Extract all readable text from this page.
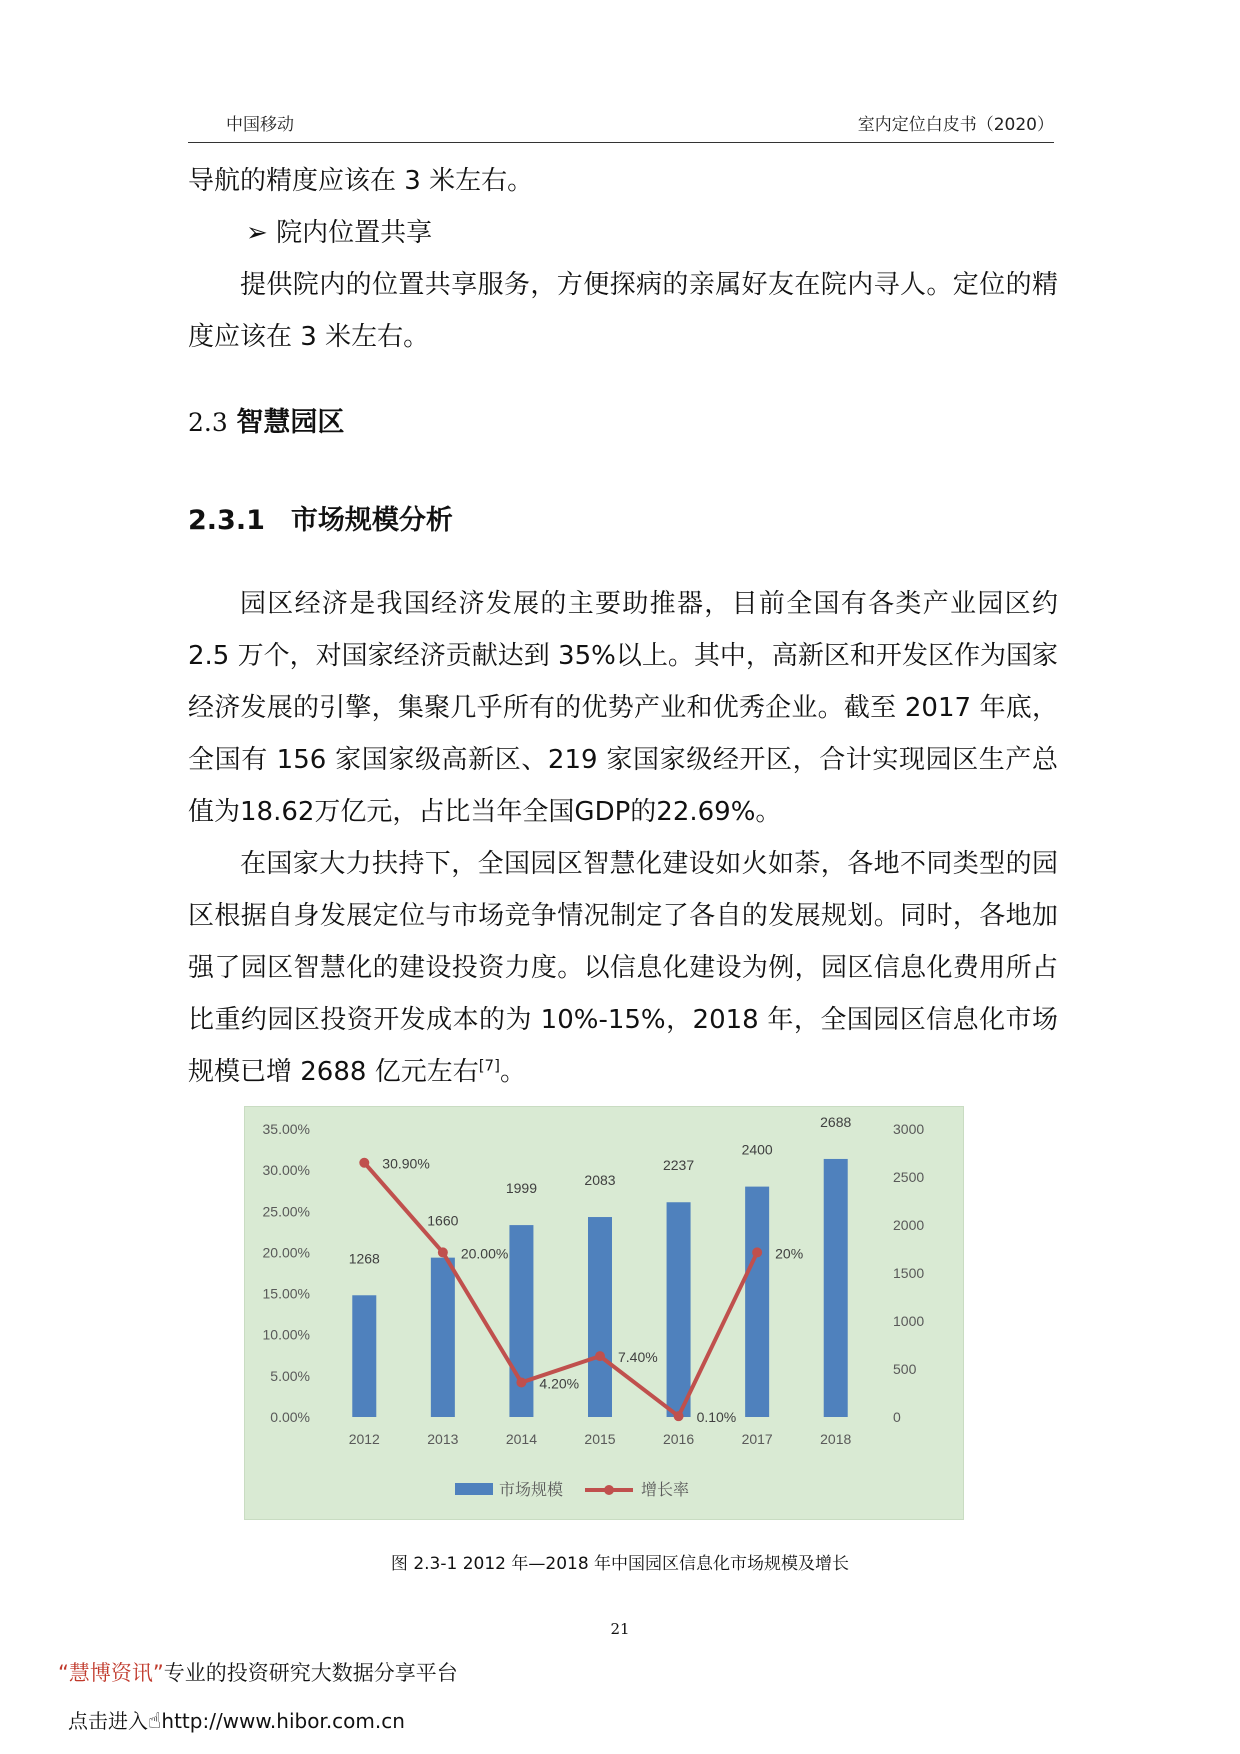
中国移动	室内定位白皮书（2020）
导航的精度应该在 3 米左右。
➢ 院内位置共享
提供院内的位置共享服务，方便探病的亲属好友在院内寻人。定位的精度应该在 3 米左右。
2.3 智慧园区
2.3.1 市场规模分析
园区经济是我国经济发展的主要助推器，目前全国有各类产业园区约 2.5 万个，对国家经济贡献达到 35%以上。其中，高新区和开发区作为国家经济发展的引擎，集聚几乎所有的优势产业和优秀企业。截至 2017 年底，全国有 156 家国家级高新区、219 家国家级经开区，合计实现园区生产总值为18.62万亿元，占比当年全国GDP的22.69%。
在国家大力扶持下，全国园区智慧化建设如火如荼，各地不同类型的园区根据自身发展定位与市场竞争情况制定了各自的发展规划。同时，各地加强了园区智慧化的建设投资力度。以信息化建设为例，园区信息化费用所占比重约园区投资开发成本的为 10%-15%，2018 年，全国园区信息化市场规模已增 2688 亿元左右[7]。
0.00%
5.00%
10.00%
15.00%
20.00%
25.00%
30.00%
35.00%
0
500
1000
1500
2000
2500
3000
2012	2013	2014	2015	2016	2017	2018
1268
1660
1999
2083
2237
2400
2688
30.90%
20.00%
4.20%
7.40%
0.10%
20%
市场规模	增长率
图 2.3-1 2012 年—2018 年中国园区信息化市场规模及增长
21
“慧博资讯”专业的投资研究大数据分享平台
点击进入☝http://www.hibor.com.cn
